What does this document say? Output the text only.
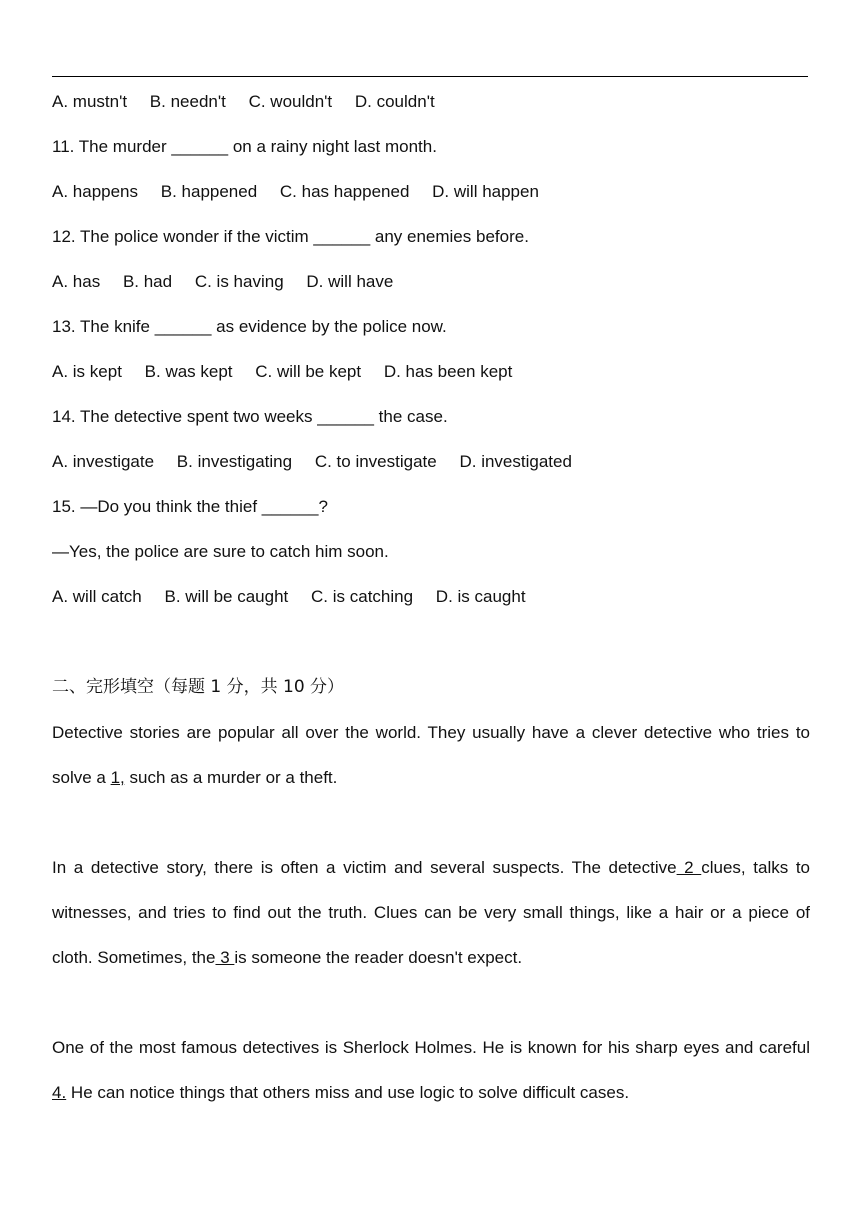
A. mustn't B. needn't C. wouldn't D. couldn't
11. The murder ______ on a rainy night last month.
A. happens B. happened C. has happened D. will happen
12. The police wonder if the victim ______ any enemies before.
A. has B. had C. is having D. will have
13. The knife ______ as evidence by the police now.
A. is kept B. was kept C. will be kept D. has been kept
14. The detective spent two weeks ______ the case.
A. investigate B. investigating C. to investigate D. investigated
15. —Do you think the thief ______?
—Yes, the police are sure to catch him soon.
A. will catch B. will be caught C. is catching D. is caught
二、完形填空（每题 1 分，共 10 分）
Detective stories are popular all over the world. They usually have a clever detective who tries to solve a 1, such as a murder or a theft.
In a detective story, there is often a victim and several suspects. The detective 2 clues, talks to witnesses, and tries to find out the truth. Clues can be very small things, like a hair or a piece of cloth. Sometimes, the 3 is someone the reader doesn't expect.
One of the most famous detectives is Sherlock Holmes. He is known for his sharp eyes and careful 4. He can notice things that others miss and use logic to solve difficult cases.
